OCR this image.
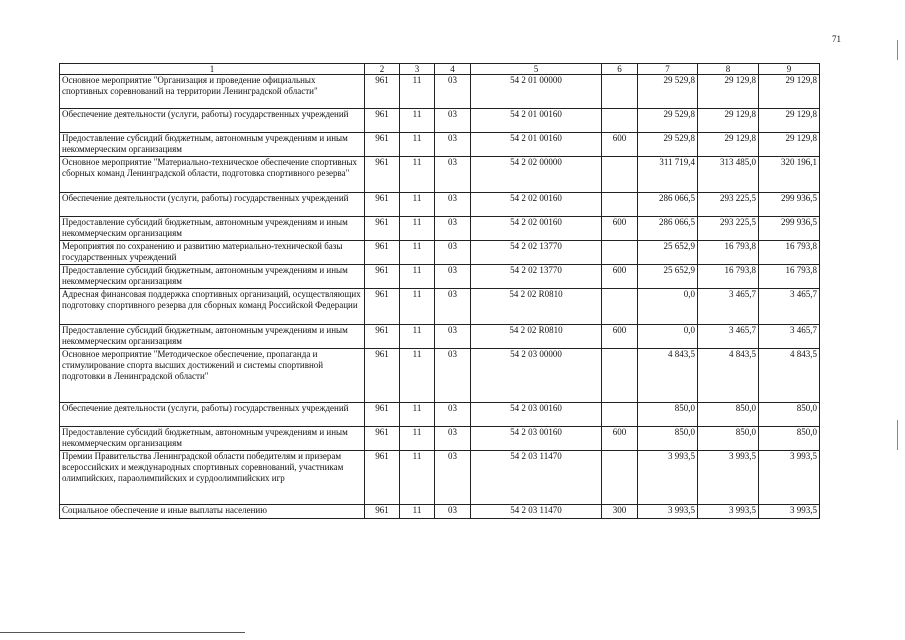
71
1	2	3	4	5	6	7	8	9
Основное мероприятие "Организация и проведение официальных спортивных соревнований на территории Ленинградской области"	961	11	03	54 2 01 00000		29 529,8	29 129,8	29 129,8
Обеспечение деятельности (услуги, работы) государственных учреждений	961	11	03	54 2 01 00160		29 529,8	29 129,8	29 129,8
Предоставление субсидий бюджетным, автономным учреждениям и иным некоммерческим организациям	961	11	03	54 2 01 00160	600	29 529,8	29 129,8	29 129,8
Основное мероприятие "Материально-техническое обеспечение спортивных сборных команд Ленинградской области, подготовка спортивного резерва"	961	11	03	54 2 02 00000		311 719,4	313 485,0	320 196,1
Обеспечение деятельности (услуги, работы) государственных учреждений	961	11	03	54 2 02 00160		286 066,5	293 225,5	299 936,5
Предоставление субсидий бюджетным, автономным учреждениям и иным некоммерческим организациям	961	11	03	54 2 02 00160	600	286 066,5	293 225,5	299 936,5
Мероприятия по сохранению и развитию материально-технической базы государственных учреждений	961	11	03	54 2 02 13770		25 652,9	16 793,8	16 793,8
Предоставление субсидий бюджетным, автономным учреждениям и иным некоммерческим организациям	961	11	03	54 2 02 13770	600	25 652,9	16 793,8	16 793,8
Адресная финансовая поддержка спортивных организаций, осуществляющих подготовку спортивного резерва для сборных команд Российской Федерации	961	11	03	54 2 02 R0810		0,0	3 465,7	3 465,7
Предоставление субсидий бюджетным, автономным учреждениям и иным некоммерческим организациям	961	11	03	54 2 02 R0810	600	0,0	3 465,7	3 465,7
Основное мероприятие "Методическое обеспечение, пропаганда и стимулирование спорта высших достижений и системы спортивной подготовки в Ленинградской области"	961	11	03	54 2 03 00000		4 843,5	4 843,5	4 843,5
Обеспечение деятельности (услуги, работы) государственных учреждений	961	11	03	54 2 03 00160		850,0	850,0	850,0
Предоставление субсидий бюджетным, автономным учреждениям и иным некоммерческим организациям	961	11	03	54 2 03 00160	600	850,0	850,0	850,0
Премии Правительства Ленинградской области победителям и призерам всероссийских и международных спортивных соревнований, участникам олимпийских, параолимпийских и сурдоолимпийских игр	961	11	03	54 2 03 11470		3 993,5	3 993,5	3 993,5
Социальное обеспечение и иные выплаты населению	961	11	03	54 2 03 11470	300	3 993,5	3 993,5	3 993,5
